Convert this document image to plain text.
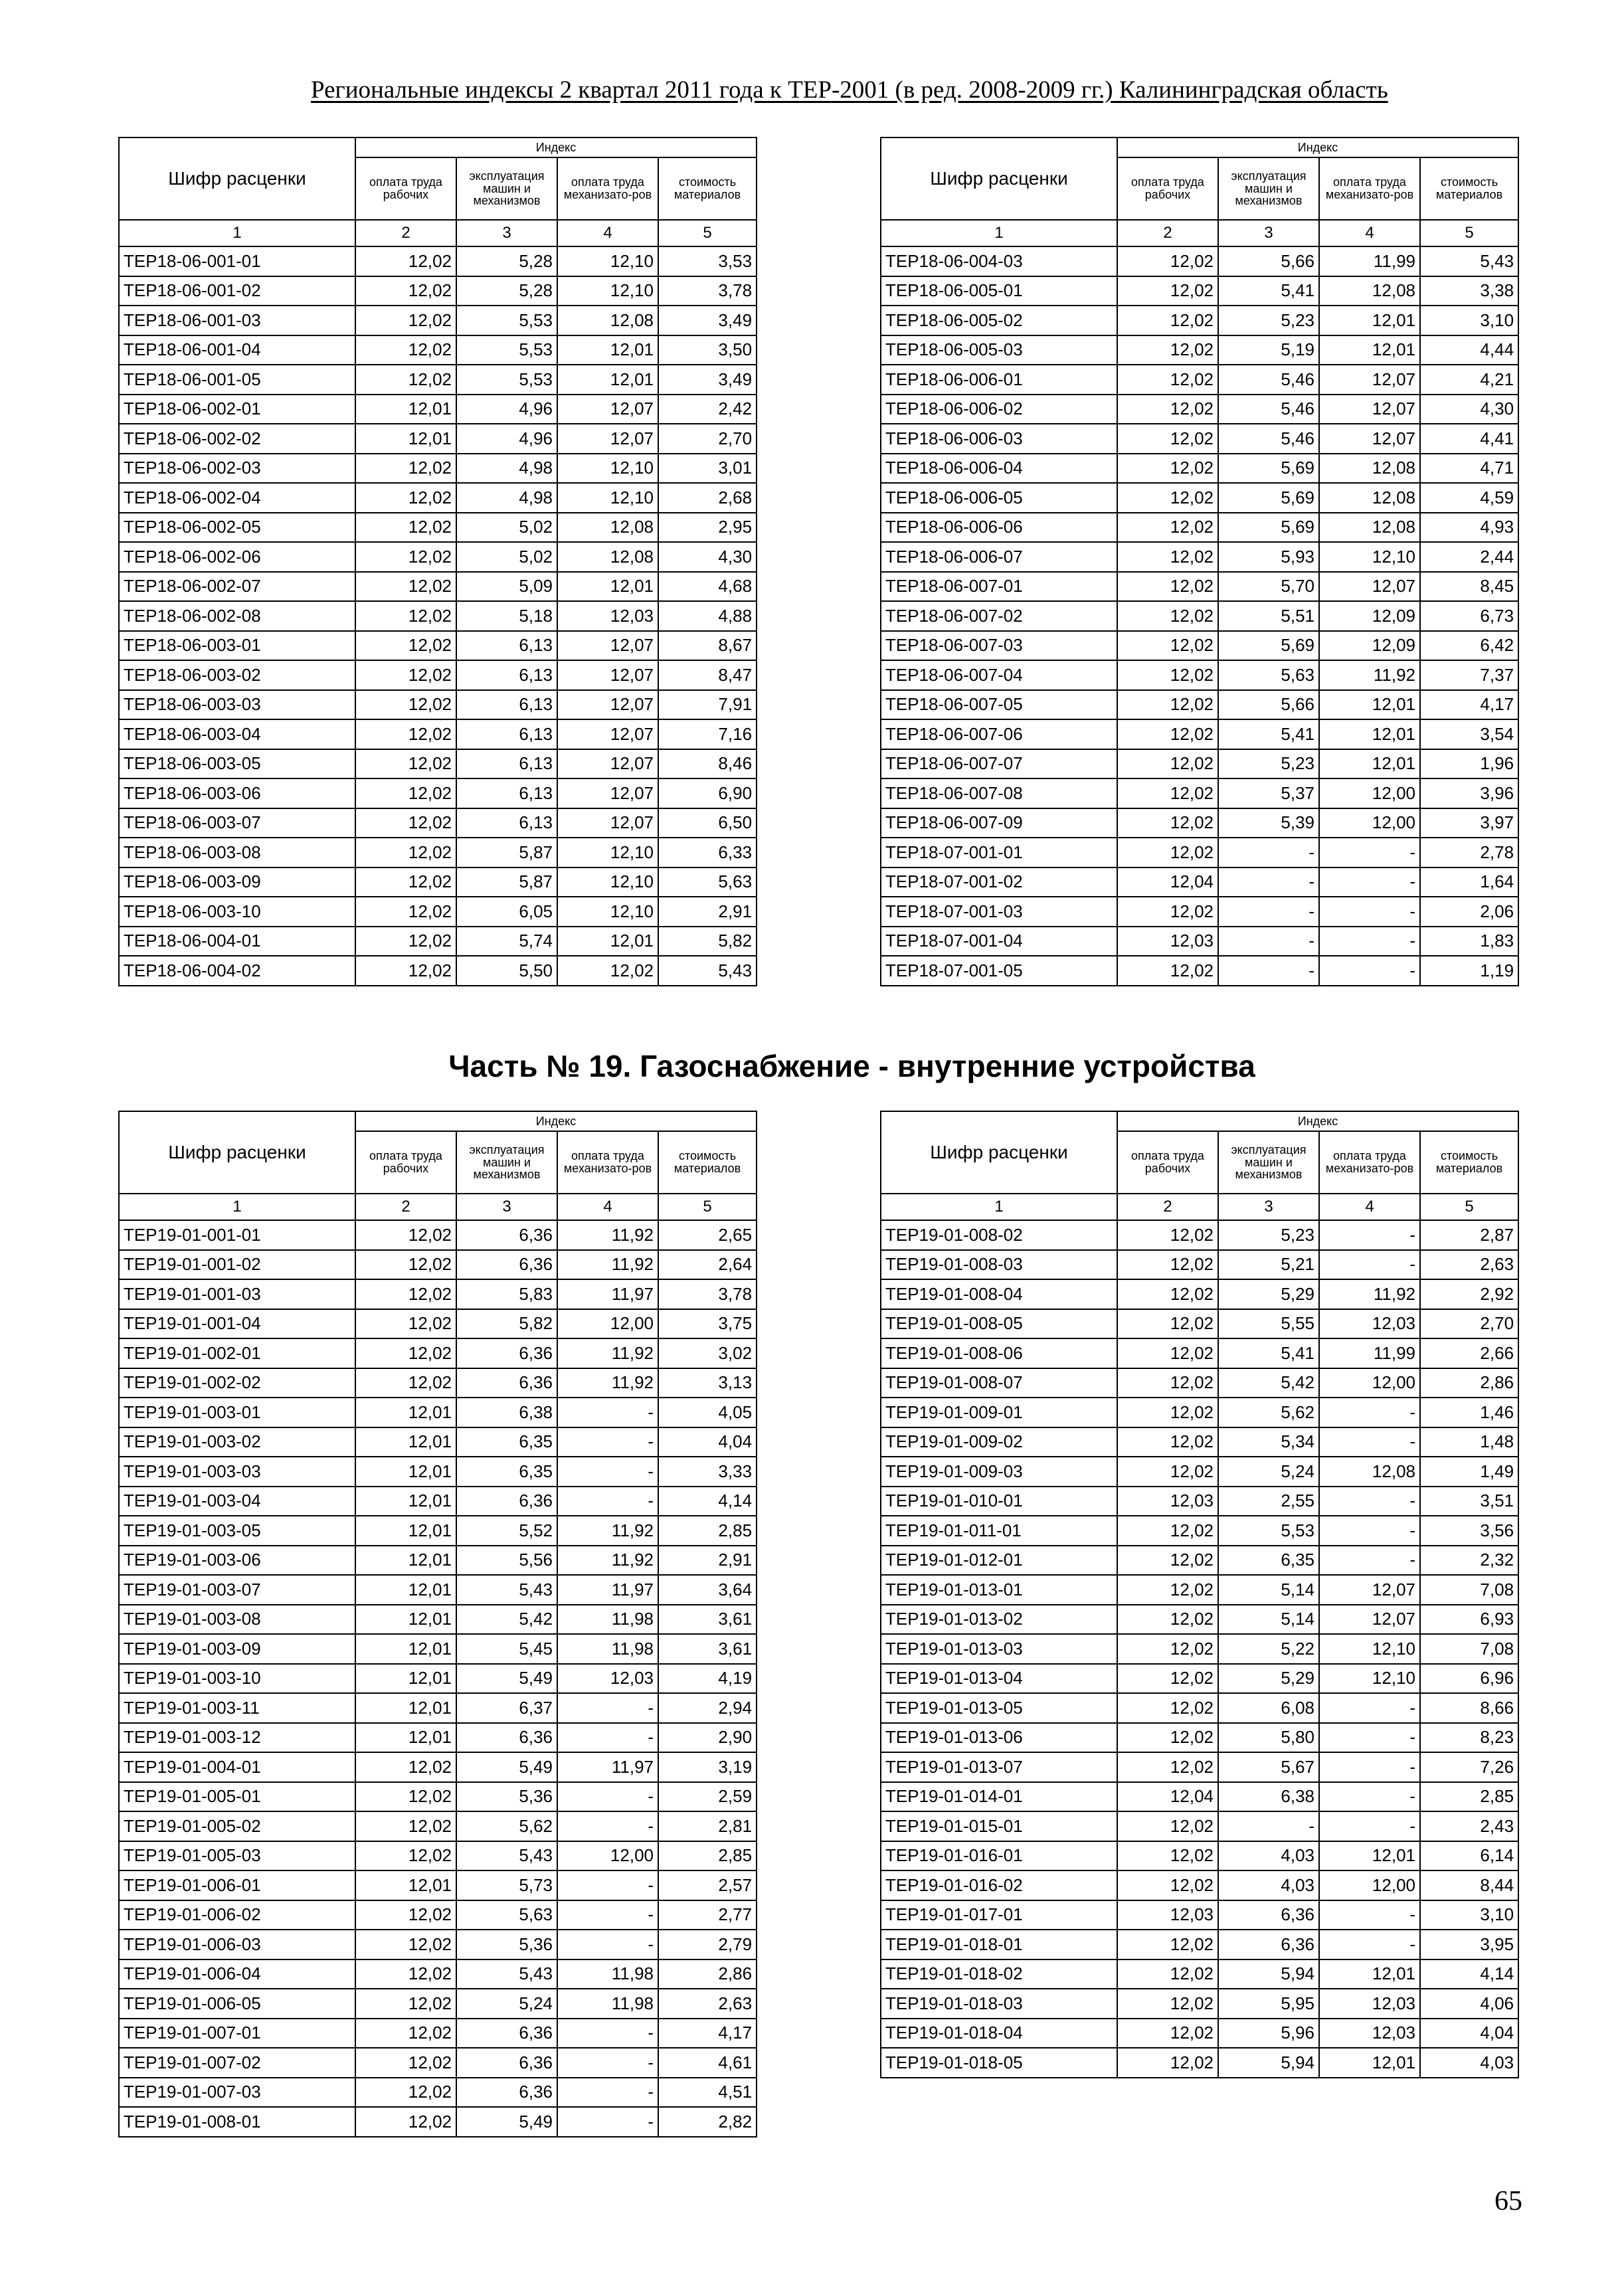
Региональные индексы 2 квартал 2011 года к ТЕР-2001 (в ред. 2008-2009 гг.) Калининградская область
Шифр расценки	Индекс			
	оплата труда рабочих	эксплуатация машин и механизмов	оплата труда механизато-ров	стоимость материалов
1	2	3	4	5
ТЕР18-06-001-01	12,02	5,28	12,10	3,53
ТЕР18-06-001-02	12,02	5,28	12,10	3,78
ТЕР18-06-001-03	12,02	5,53	12,08	3,49
ТЕР18-06-001-04	12,02	5,53	12,01	3,50
ТЕР18-06-001-05	12,02	5,53	12,01	3,49
ТЕР18-06-002-01	12,01	4,96	12,07	2,42
ТЕР18-06-002-02	12,01	4,96	12,07	2,70
ТЕР18-06-002-03	12,02	4,98	12,10	3,01
ТЕР18-06-002-04	12,02	4,98	12,10	2,68
ТЕР18-06-002-05	12,02	5,02	12,08	2,95
ТЕР18-06-002-06	12,02	5,02	12,08	4,30
ТЕР18-06-002-07	12,02	5,09	12,01	4,68
ТЕР18-06-002-08	12,02	5,18	12,03	4,88
ТЕР18-06-003-01	12,02	6,13	12,07	8,67
ТЕР18-06-003-02	12,02	6,13	12,07	8,47
ТЕР18-06-003-03	12,02	6,13	12,07	7,91
ТЕР18-06-003-04	12,02	6,13	12,07	7,16
ТЕР18-06-003-05	12,02	6,13	12,07	8,46
ТЕР18-06-003-06	12,02	6,13	12,07	6,90
ТЕР18-06-003-07	12,02	6,13	12,07	6,50
ТЕР18-06-003-08	12,02	5,87	12,10	6,33
ТЕР18-06-003-09	12,02	5,87	12,10	5,63
ТЕР18-06-003-10	12,02	6,05	12,10	2,91
ТЕР18-06-004-01	12,02	5,74	12,01	5,82
ТЕР18-06-004-02	12,02	5,50	12,02	5,43
Шифр расценки	Индекс			
	оплата труда рабочих	эксплуатация машин и механизмов	оплата труда механизато-ров	стоимость материалов
1	2	3	4	5
ТЕР18-06-004-03	12,02	5,66	11,99	5,43
ТЕР18-06-005-01	12,02	5,41	12,08	3,38
ТЕР18-06-005-02	12,02	5,23	12,01	3,10
ТЕР18-06-005-03	12,02	5,19	12,01	4,44
ТЕР18-06-006-01	12,02	5,46	12,07	4,21
ТЕР18-06-006-02	12,02	5,46	12,07	4,30
ТЕР18-06-006-03	12,02	5,46	12,07	4,41
ТЕР18-06-006-04	12,02	5,69	12,08	4,71
ТЕР18-06-006-05	12,02	5,69	12,08	4,59
ТЕР18-06-006-06	12,02	5,69	12,08	4,93
ТЕР18-06-006-07	12,02	5,93	12,10	2,44
ТЕР18-06-007-01	12,02	5,70	12,07	8,45
ТЕР18-06-007-02	12,02	5,51	12,09	6,73
ТЕР18-06-007-03	12,02	5,69	12,09	6,42
ТЕР18-06-007-04	12,02	5,63	11,92	7,37
ТЕР18-06-007-05	12,02	5,66	12,01	4,17
ТЕР18-06-007-06	12,02	5,41	12,01	3,54
ТЕР18-06-007-07	12,02	5,23	12,01	1,96
ТЕР18-06-007-08	12,02	5,37	12,00	3,96
ТЕР18-06-007-09	12,02	5,39	12,00	3,97
ТЕР18-07-001-01	12,02	-	-	2,78
ТЕР18-07-001-02	12,04	-	-	1,64
ТЕР18-07-001-03	12,02	-	-	2,06
ТЕР18-07-001-04	12,03	-	-	1,83
ТЕР18-07-001-05	12,02	-	-	1,19
Часть № 19. Газоснабжение - внутренние устройства
Шифр расценки	Индекс			
	оплата труда рабочих	эксплуатация машин и механизмов	оплата труда механизато-ров	стоимость материалов
1	2	3	4	5
ТЕР19-01-001-01	12,02	6,36	11,92	2,65
ТЕР19-01-001-02	12,02	6,36	11,92	2,64
ТЕР19-01-001-03	12,02	5,83	11,97	3,78
ТЕР19-01-001-04	12,02	5,82	12,00	3,75
ТЕР19-01-002-01	12,02	6,36	11,92	3,02
ТЕР19-01-002-02	12,02	6,36	11,92	3,13
ТЕР19-01-003-01	12,01	6,38	-	4,05
ТЕР19-01-003-02	12,01	6,35	-	4,04
ТЕР19-01-003-03	12,01	6,35	-	3,33
ТЕР19-01-003-04	12,01	6,36	-	4,14
ТЕР19-01-003-05	12,01	5,52	11,92	2,85
ТЕР19-01-003-06	12,01	5,56	11,92	2,91
ТЕР19-01-003-07	12,01	5,43	11,97	3,64
ТЕР19-01-003-08	12,01	5,42	11,98	3,61
ТЕР19-01-003-09	12,01	5,45	11,98	3,61
ТЕР19-01-003-10	12,01	5,49	12,03	4,19
ТЕР19-01-003-11	12,01	6,37	-	2,94
ТЕР19-01-003-12	12,01	6,36	-	2,90
ТЕР19-01-004-01	12,02	5,49	11,97	3,19
ТЕР19-01-005-01	12,02	5,36	-	2,59
ТЕР19-01-005-02	12,02	5,62	-	2,81
ТЕР19-01-005-03	12,02	5,43	12,00	2,85
ТЕР19-01-006-01	12,01	5,73	-	2,57
ТЕР19-01-006-02	12,02	5,63	-	2,77
ТЕР19-01-006-03	12,02	5,36	-	2,79
ТЕР19-01-006-04	12,02	5,43	11,98	2,86
ТЕР19-01-006-05	12,02	5,24	11,98	2,63
ТЕР19-01-007-01	12,02	6,36	-	4,17
ТЕР19-01-007-02	12,02	6,36	-	4,61
ТЕР19-01-007-03	12,02	6,36	-	4,51
ТЕР19-01-008-01	12,02	5,49	-	2,82
Шифр расценки	Индекс			
	оплата труда рабочих	эксплуатация машин и механизмов	оплата труда механизато-ров	стоимость материалов
1	2	3	4	5
ТЕР19-01-008-02	12,02	5,23	-	2,87
ТЕР19-01-008-03	12,02	5,21	-	2,63
ТЕР19-01-008-04	12,02	5,29	11,92	2,92
ТЕР19-01-008-05	12,02	5,55	12,03	2,70
ТЕР19-01-008-06	12,02	5,41	11,99	2,66
ТЕР19-01-008-07	12,02	5,42	12,00	2,86
ТЕР19-01-009-01	12,02	5,62	-	1,46
ТЕР19-01-009-02	12,02	5,34	-	1,48
ТЕР19-01-009-03	12,02	5,24	12,08	1,49
ТЕР19-01-010-01	12,03	2,55	-	3,51
ТЕР19-01-011-01	12,02	5,53	-	3,56
ТЕР19-01-012-01	12,02	6,35	-	2,32
ТЕР19-01-013-01	12,02	5,14	12,07	7,08
ТЕР19-01-013-02	12,02	5,14	12,07	6,93
ТЕР19-01-013-03	12,02	5,22	12,10	7,08
ТЕР19-01-013-04	12,02	5,29	12,10	6,96
ТЕР19-01-013-05	12,02	6,08	-	8,66
ТЕР19-01-013-06	12,02	5,80	-	8,23
ТЕР19-01-013-07	12,02	5,67	-	7,26
ТЕР19-01-014-01	12,04	6,38	-	2,85
ТЕР19-01-015-01	12,02	-	-	2,43
ТЕР19-01-016-01	12,02	4,03	12,01	6,14
ТЕР19-01-016-02	12,02	4,03	12,00	8,44
ТЕР19-01-017-01	12,03	6,36	-	3,10
ТЕР19-01-018-01	12,02	6,36	-	3,95
ТЕР19-01-018-02	12,02	5,94	12,01	4,14
ТЕР19-01-018-03	12,02	5,95	12,03	4,06
ТЕР19-01-018-04	12,02	5,96	12,03	4,04
ТЕР19-01-018-05	12,02	5,94	12,01	4,03
65
